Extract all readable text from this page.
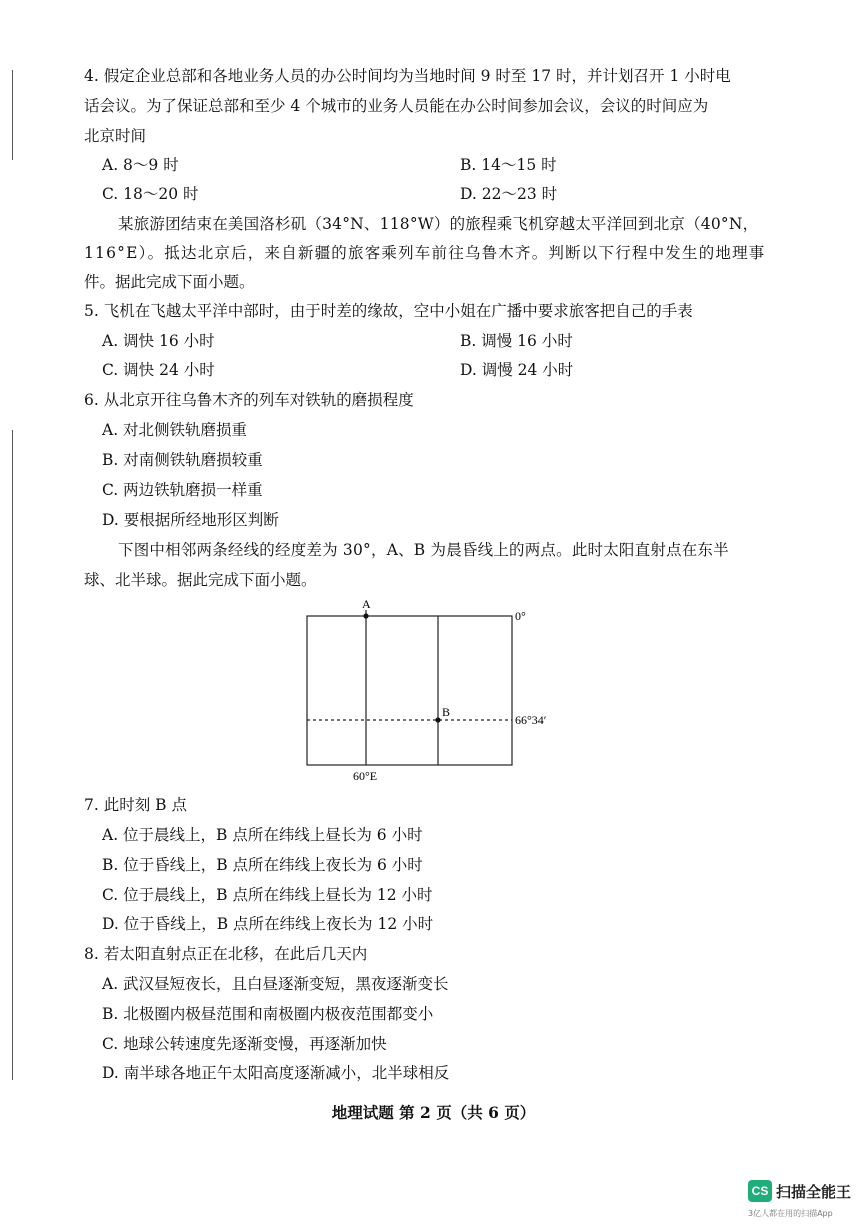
4. 假定企业总部和各地业务人员的办公时间均为当地时间 9 时至 17 时，并计划召开 1 小时电
话会议。为了保证总部和至少 4 个城市的业务人员能在办公时间参加会议，会议的时间应为
北京时间
A. 8～9 时	B. 14～15 时
C. 18～20 时	D. 22～23 时
某旅游团结束在美国洛杉矶（34°N、118°W）的旅程乘飞机穿越太平洋回到北京（40°N，
116°E）。抵达北京后，来自新疆的旅客乘列车前往乌鲁木齐。判断以下行程中发生的地理事
件。据此完成下面小题。
5. 飞机在飞越太平洋中部时，由于时差的缘故，空中小姐在广播中要求旅客把自己的手表
A. 调快 16 小时	B. 调慢 16 小时
C. 调快 24 小时	D. 调慢 24 小时
6. 从北京开往乌鲁木齐的列车对铁轨的磨损程度
A. 对北侧铁轨磨损重
B. 对南侧铁轨磨损较重
C. 两边铁轨磨损一样重
D. 要根据所经地形区判断
下图中相邻两条经线的经度差为 30°，A、B 为晨昏线上的两点。此时太阳直射点在东半
球、北半球。据此完成下面小题。
A
B
0°
66°34′
60°E
7. 此时刻 B 点
A. 位于晨线上，B 点所在纬线上昼长为 6 小时
B. 位于昏线上，B 点所在纬线上夜长为 6 小时
C. 位于晨线上，B 点所在纬线上昼长为 12 小时
D. 位于昏线上，B 点所在纬线上夜长为 12 小时
8. 若太阳直射点正在北移，在此后几天内
A. 武汉昼短夜长，且白昼逐渐变短，黑夜逐渐变长
B. 北极圈内极昼范围和南极圈内极夜范围都变小
C. 地球公转速度先逐渐变慢，再逐渐加快
D. 南半球各地正午太阳高度逐渐减小，北半球相反
地理试题 第 2 页（共 6 页）
CS 扫描全能王
3亿人都在用的扫描App
